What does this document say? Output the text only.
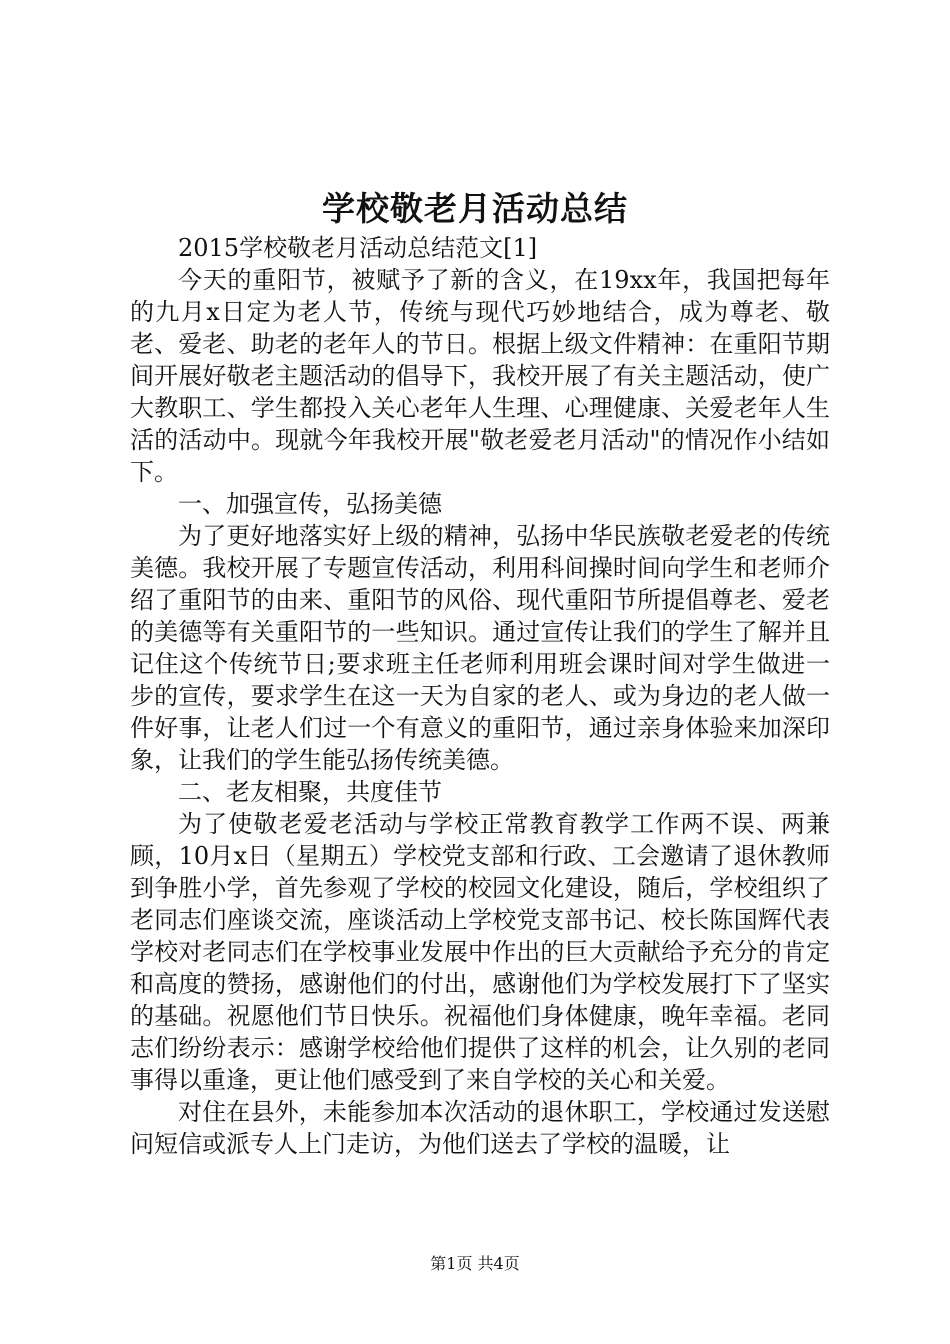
学校敬老月活动总结

2015学校敬老月活动总结范文[1]

今天的重阳节，被赋予了新的含义，在19xx年，我国把每年的九月x日定为老人节，传统与现代巧妙地结合，成为尊老、敬老、爱老、助老的老年人的节日。根据上级文件精神：在重阳节期间开展好敬老主题活动的倡导下，我校开展了有关主题活动，使广大教职工、学生都投入关心老年人生理、心理健康、关爱老年人生活的活动中。现就今年我校开展"敬老爱老月活动"的情况作小结如下。

一、加强宣传，弘扬美德

为了更好地落实好上级的精神，弘扬中华民族敬老爱老的传统美德。我校开展了专题宣传活动，利用科间操时间向学生和老师介绍了重阳节的由来、重阳节的风俗、现代重阳节所提倡尊老、爱老的美德等有关重阳节的一些知识。通过宣传让我们的学生了解并且记住这个传统节日;要求班主任老师利用班会课时间对学生做进一步的宣传，要求学生在这一天为自家的老人、或为身边的老人做一件好事，让老人们过一个有意义的重阳节，通过亲身体验来加深印象，让我们的学生能弘扬传统美德。

二、老友相聚，共度佳节

为了使敬老爱老活动与学校正常教育教学工作两不误、两兼顾，10月x日（星期五）学校党支部和行政、工会邀请了退休教师到争胜小学，首先参观了学校的校园文化建设，随后，学校组织了老同志们座谈交流，座谈活动上学校党支部书记、校长陈国辉代表学校对老同志们在学校事业发展中作出的巨大贡献给予充分的肯定和高度的赞扬，感谢他们的付出，感谢他们为学校发展打下了坚实的基础。祝愿他们节日快乐。祝福他们身体健康，晚年幸福。老同志们纷纷表示：感谢学校给他们提供了这样的机会，让久别的老同事得以重逢，更让他们感受到了来自学校的关心和关爱。

对住在县外，未能参加本次活动的退休职工，学校通过发送慰问短信或派专人上门走访，为他们送去了学校的温暖，让

第1页 共4页
